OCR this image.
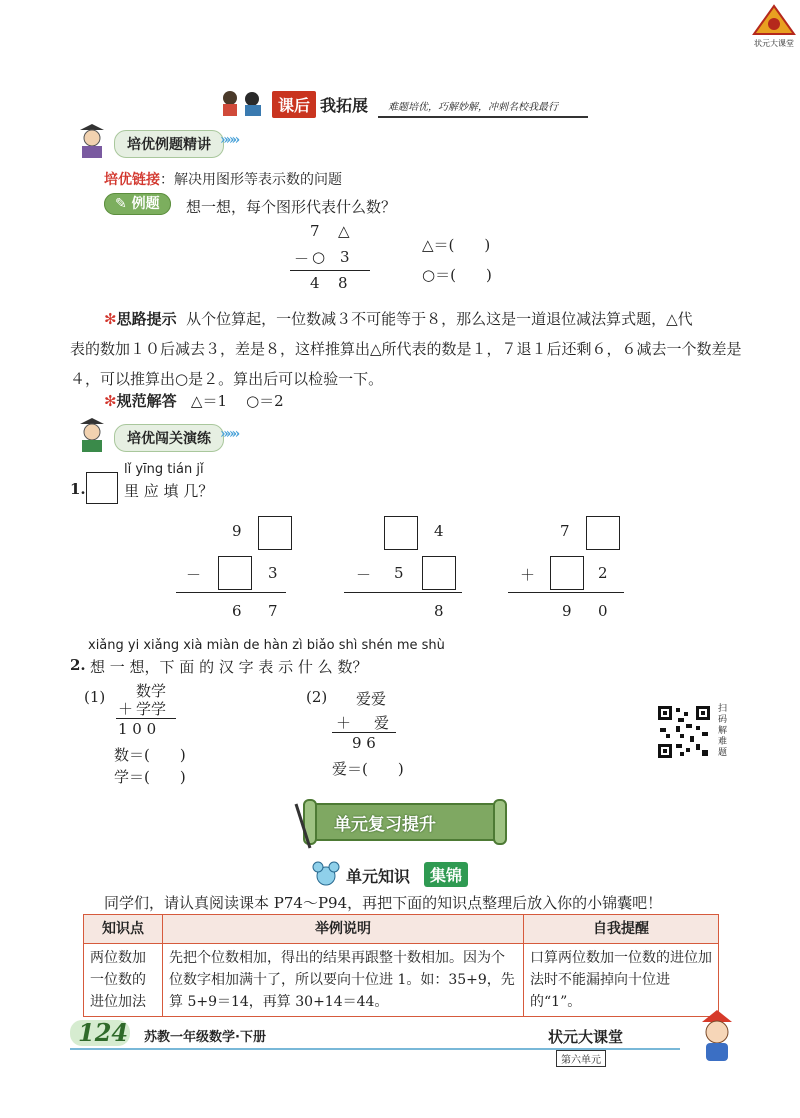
状元大课堂
课后 我拓展 难题培优，巧解妙解，冲刺名校我最行
培优例题精讲 »»»
培优链接：解决用图形等表示数的问题
✎ 例题	想一想，每个图形代表什么数？
7 △
－ ○ 3
4 8
△＝(　　)
○＝(　　)
✻思路提示 从个位算起，一位数减３不可能等于８，那么这是一道退位减法算式题，△代
表的数加１０后减去３，差是８，这样推算出△所代表的数是１，７退１后还剩６，６减去一个数差是
４，可以推算出○是２。算出后可以检验一下。
✻规范解答 △＝1 ○＝2
培优闯关演练 »»»
lǐ yīng tián jǐ
1.	里 应 填 几？
9
－	3
6 7
4
－ 5
8
7
＋	2
9 0
xiǎng yi xiǎng xià miàn de hàn zì biǎo shì shén me shù
2. 想 一 想，下 面 的 汉 字 表 示 什 么 数？
(1) 数学
＋ 学学
1 0 0
数＝(　　)
学＝(　　)
(2) 爱爱
＋ 爱
9 6
爱＝(　　)
扫码解难题
单元复习提升
单元知识	集锦
同学们，请认真阅读课本 P74～P94，再把下面的知识点整理后放入你的小锦囊吧！
知识点	举例说明	自我提醒
两位数加一位数的进位加法	先把个位数相加，得出的结果再跟整十数相加。因为个位数字相加满十了，所以要向十位进 1。如：35+9，先算 5+9＝14，再算 30+14＝44。	口算两位数加一位数的进位加法时不能漏掉向十位进的“1”。
124 苏教一年级数学·下册	状元大课堂
第六单元
